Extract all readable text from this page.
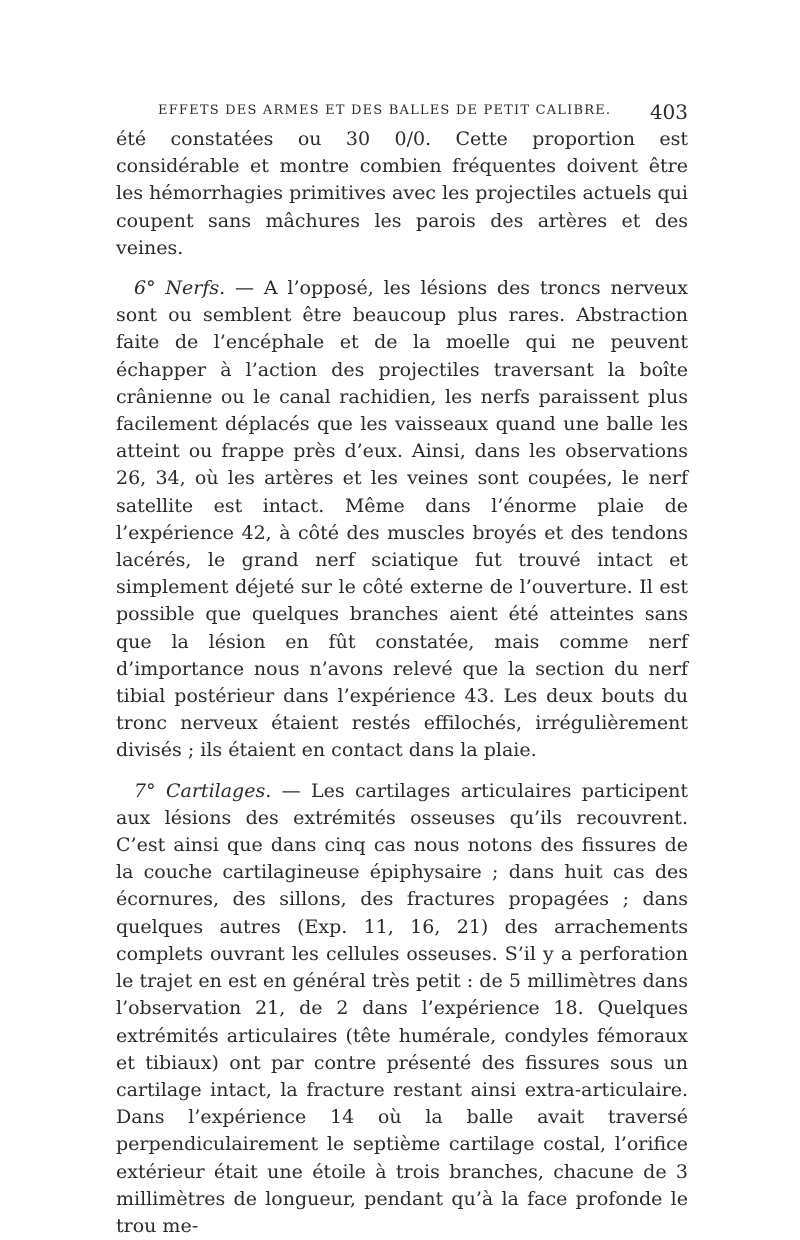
EFFETS DES ARMES ET DES BALLES DE PETIT CALIBRE. 403

été constatées ou 30 0/0. Cette proportion est considérable et montre combien fréquentes doivent être les hémorrhagies primitives avec les projectiles actuels qui coupent sans mâchures les parois des artères et des veines.

6° Nerfs. — A l’opposé, les lésions des troncs nerveux sont ou semblent être beaucoup plus rares. Abstraction faite de l’encéphale et de la moelle qui ne peuvent échapper à l’action des projectiles traversant la boîte crânienne ou le canal rachidien, les nerfs paraissent plus facilement déplacés que les vaisseaux quand une balle les atteint ou frappe près d’eux. Ainsi, dans les observations 26, 34, où les artères et les veines sont coupées, le nerf satellite est intact. Même dans l’énorme plaie de l’expérience 42, à côté des muscles broyés et des tendons lacérés, le grand nerf sciatique fut trouvé intact et simplement déjeté sur le côté externe de l’ouverture. Il est possible que quelques branches aient été atteintes sans que la lésion en fût constatée, mais comme nerf d’importance nous n’avons relevé que la section du nerf tibial postérieur dans l’expérience 43. Les deux bouts du tronc nerveux étaient restés effilochés, irrégulièrement divisés ; ils étaient en contact dans la plaie.

7° Cartilages. — Les cartilages articulaires participent aux lésions des extrémités osseuses qu’ils recouvrent. C’est ainsi que dans cinq cas nous notons des fissures de la couche cartilagineuse épiphysaire ; dans huit cas des écornures, des sillons, des fractures propagées ; dans quelques autres (Exp. 11, 16, 21) des arrachements complets ouvrant les cellules osseuses. S’il y a perforation le trajet en est en général très petit : de 5 millimètres dans l’observation 21, de 2 dans l’expérience 18. Quelques extrémités articulaires (tête humérale, condyles fémoraux et tibiaux) ont par contre présenté des fissures sous un cartilage intact, la fracture restant ainsi extra-articulaire. Dans l’expérience 14 où la balle avait traversé perpendiculairement le septième cartilage costal, l’orifice extérieur était une étoile à trois branches, chacune de 3 millimètres de longueur, pendant qu’à la face profonde le trou me-
